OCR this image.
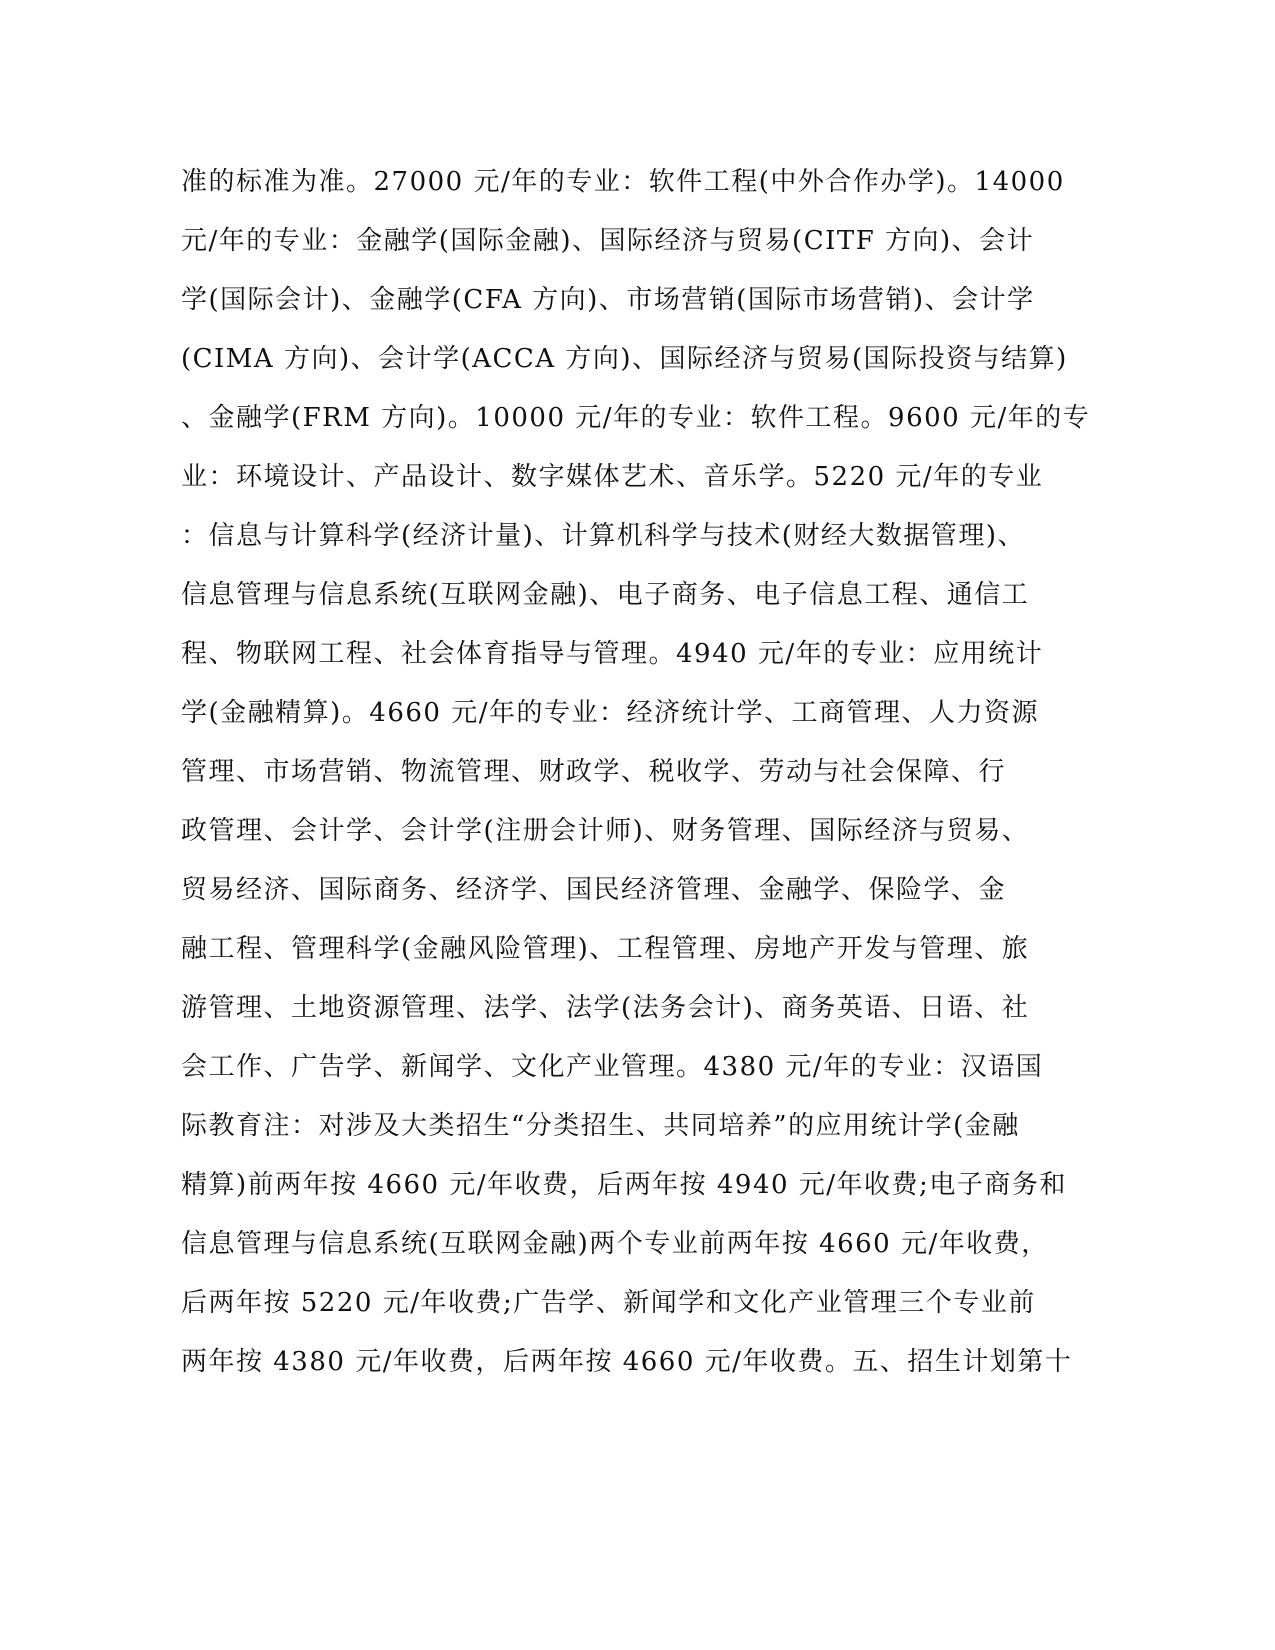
准的标准为准。27000 元/年的专业：软件工程(中外合作办学)。14000
元/年的专业：金融学(国际金融)、国际经济与贸易(CITF 方向)、会计
学(国际会计)、金融学(CFA 方向)、市场营销(国际市场营销)、会计学
(CIMA 方向)、会计学(ACCA 方向)、国际经济与贸易(国际投资与结算)
、金融学(FRM 方向)。10000 元/年的专业：软件工程。9600 元/年的专
业：环境设计、产品设计、数字媒体艺术、音乐学。5220 元/年的专业
：信息与计算科学(经济计量)、计算机科学与技术(财经大数据管理)、
信息管理与信息系统(互联网金融)、电子商务、电子信息工程、通信工
程、物联网工程、社会体育指导与管理。4940 元/年的专业：应用统计
学(金融精算)。4660 元/年的专业：经济统计学、工商管理、人力资源
管理、市场营销、物流管理、财政学、税收学、劳动与社会保障、行
政管理、会计学、会计学(注册会计师)、财务管理、国际经济与贸易、
贸易经济、国际商务、经济学、国民经济管理、金融学、保险学、金
融工程、管理科学(金融风险管理)、工程管理、房地产开发与管理、旅
游管理、土地资源管理、法学、法学(法务会计)、商务英语、日语、社
会工作、广告学、新闻学、文化产业管理。4380 元/年的专业：汉语国
际教育注：对涉及大类招生“分类招生、共同培养”的应用统计学(金融
精算)前两年按 4660 元/年收费，后两年按 4940 元/年收费;电子商务和
信息管理与信息系统(互联网金融)两个专业前两年按 4660 元/年收费，
后两年按 5220 元/年收费;广告学、新闻学和文化产业管理三个专业前
两年按 4380 元/年收费，后两年按 4660 元/年收费。五、招生计划第十
